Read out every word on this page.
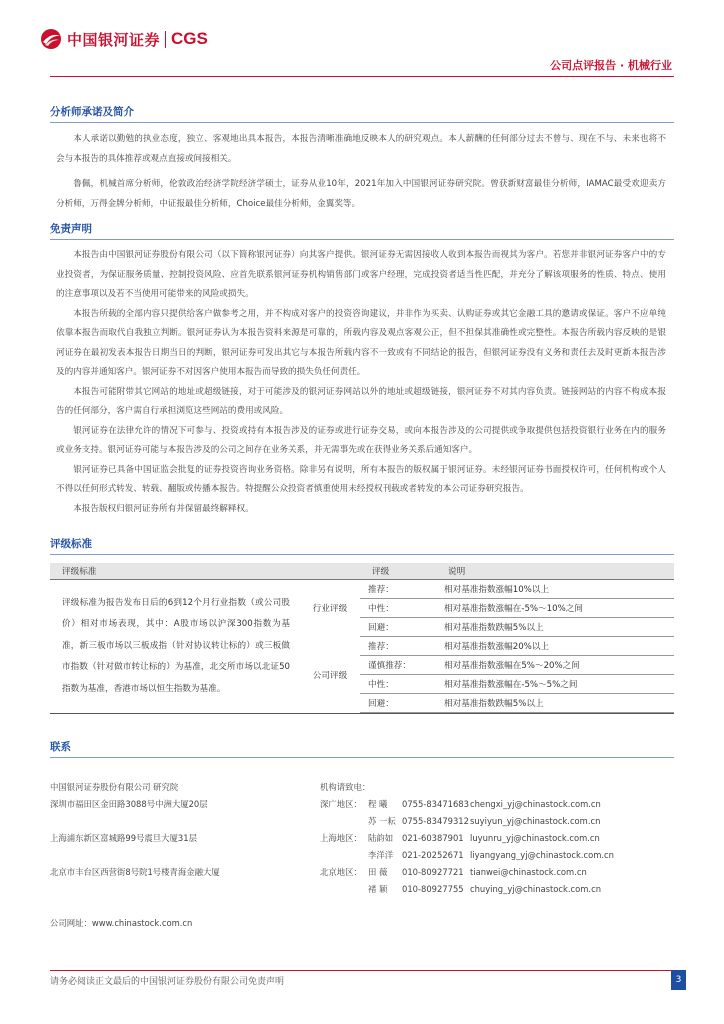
中国银河证券 CGS
公司点评报告 · 机械行业
分析师承诺及简介

本人承诺以勤勉的执业态度，独立、客观地出具本报告，本报告清晰准确地反映本人的研究观点。本人薪酬的任何部分过去不曾与、现在不与、未来也将不会与本报告的具体推荐或观点直接或间接相关。

鲁佩，机械首席分析师，伦敦政治经济学院经济学硕士，证券从业10年，2021年加入中国银河证券研究院。曾获新财富最佳分析师，IAMAC最受欢迎卖方分析师，万得金牌分析师，中证报最佳分析师，Choice最佳分析师，金翼奖等。

免责声明

本报告由中国银河证券股份有限公司（以下简称银河证券）向其客户提供。银河证券无需因接收人收到本报告而视其为客户。若您并非银河证券客户中的专业投资者，为保证服务质量、控制投资风险、应首先联系银河证券机构销售部门或客户经理，完成投资者适当性匹配，并充分了解该项服务的性质、特点、使用的注意事项以及若不当使用可能带来的风险或损失。

本报告所载的全部内容只提供给客户做参考之用，并不构成对客户的投资咨询建议，并非作为买卖、认购证券或其它金融工具的邀请或保证。客户不应单纯依靠本报告而取代自我独立判断。银河证券认为本报告资料来源是可靠的，所载内容及观点客观公正，但不担保其准确性或完整性。本报告所载内容反映的是银河证券在最初发表本报告日期当日的判断，银河证券可发出其它与本报告所载内容不一致或有不同结论的报告，但银河证券没有义务和责任去及时更新本报告涉及的内容并通知客户。银河证券不对因客户使用本报告而导致的损失负任何责任。

本报告可能附带其它网站的地址或超级链接，对于可能涉及的银河证券网站以外的地址或超级链接，银河证券不对其内容负责。链接网站的内容不构成本报告的任何部分，客户需自行承担浏览这些网站的费用或风险。

银河证券在法律允许的情况下可参与、投资或持有本报告涉及的证券或进行证券交易，或向本报告涉及的公司提供或争取提供包括投资银行业务在内的服务或业务支持。银河证券可能与本报告涉及的公司之间存在业务关系，并无需事先或在获得业务关系后通知客户。

银河证券已具备中国证监会批复的证券投资咨询业务资格。除非另有说明，所有本报告的版权属于银河证券。未经银河证券书面授权许可，任何机构或个人不得以任何形式转发、转载、翻版或传播本报告。特提醒公众投资者慎重使用未经授权刊载或者转发的本公司证券研究报告。

本报告版权归银河证券所有并保留最终解释权。

评级标准
评级标准		评级	说明
评级标准为报告发布日后的6到12个月行业指数（或公司股价）相对市场表现，其中：A股市场以沪深300指数为基准，新三板市场以三板成指（针对协议转让标的）或三板做市指数（针对做市转让标的）为基准，北交所市场以北证50指数为基准，香港市场以恒生指数为基准。	行业评级	推荐：	相对基准指数涨幅10%以上
		中性：	相对基准指数涨幅在-5%～10%之间
		回避：	相对基准指数跌幅5%以上
	公司评级	推荐：	相对基准指数涨幅20%以上
		谨慎推荐：	相对基准指数涨幅在5%～20%之间
		中性：	相对基准指数涨幅在-5%～5%之间
		回避：	相对基准指数跌幅5%以上
联系
中国银河证券股份有限公司 研究院
深圳市福田区金田路3088号中洲大厦20层
上海浦东新区富城路99号震旦大厦31层
北京市丰台区西营街8号院1号楼青海金融大厦
公司网址：www.chinastock.com.cn
机构请致电：
深广地区： 程 曦 0755-83471683chengxi_yj@chinastock.com.cn
苏 一耘 0755-83479312suyiyun_yj@chinastock.com.cn
上海地区： 陆韵如 021-60387901 luyunru_yj@chinastock.com.cn
李洋洋 021-20252671 liyangyang_yj@chinastock.com.cn
北京地区： 田 薇 010-80927721 tianwei@chinastock.com.cn
褚 颖 010-80927755 chuying_yj@chinastock.com.cn
请务必阅读正文最后的中国银河证券股份有限公司免责声明	3
